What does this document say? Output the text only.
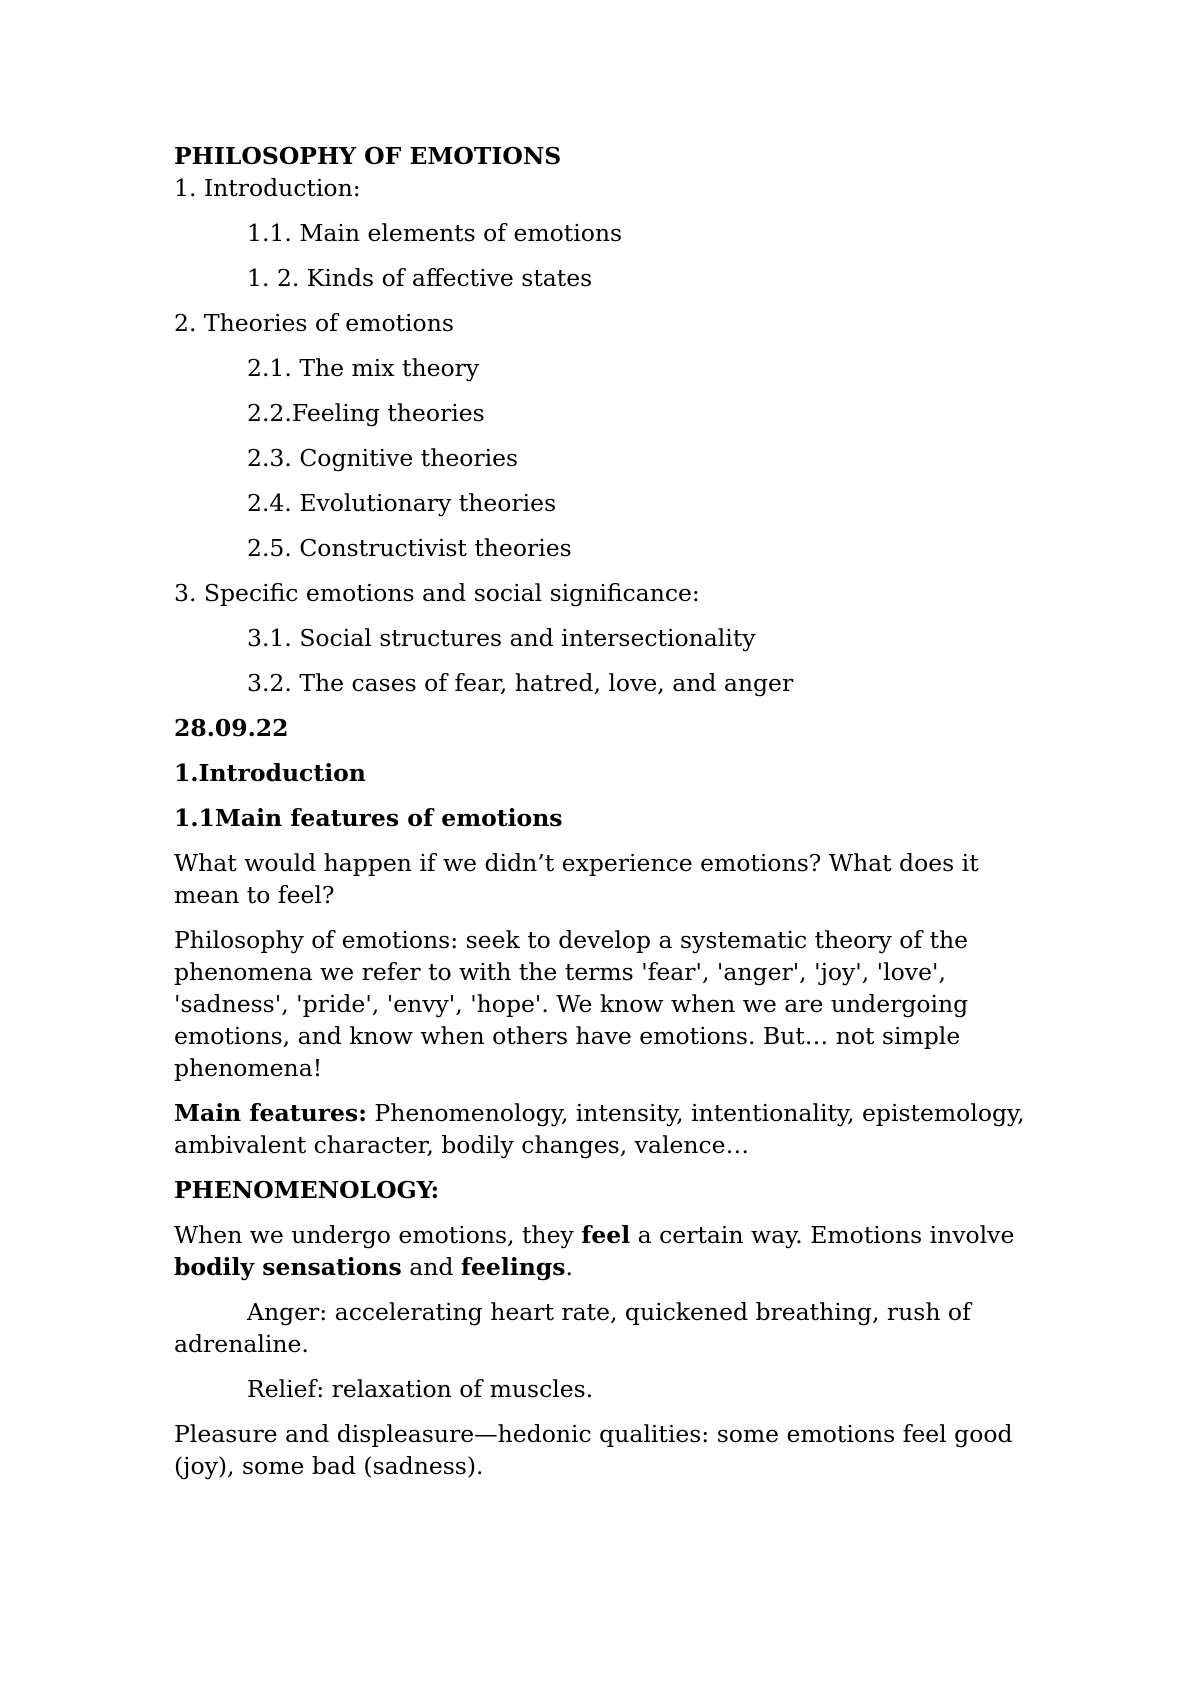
PHILOSOPHY OF EMOTIONS

1. Introduction:

1.1. Main elements of emotions

1. 2. Kinds of affective states

2. Theories of emotions

2.1. The mix theory

2.2.Feeling theories

2.3. Cognitive theories

2.4. Evolutionary theories

2.5. Constructivist theories

3. Specific emotions and social significance:

3.1. Social structures and intersectionality

3.2. The cases of fear, hatred, love, and anger

28.09.22

1.Introduction

1.1Main features of emotions

What would happen if we didn’t experience emotions? What does it mean to feel?

Philosophy of emotions: seek to develop a systematic theory of the phenomena we refer to with the terms 'fear', 'anger', 'joy', 'love', 'sadness', 'pride', 'envy', 'hope'. We know when we are undergoing emotions, and know when others have emotions. But… not simple phenomena!

Main features: Phenomenology, intensity, intentionality, epistemology, ambivalent character, bodily changes, valence…

PHENOMENOLOGY:

When we undergo emotions, they feel a certain way. Emotions involve bodily sensations and feelings.

Anger: accelerating heart rate, quickened breathing, rush of adrenaline.

Relief: relaxation of muscles.

Pleasure and displeasure—hedonic qualities: some emotions feel good (joy), some bad (sadness).
